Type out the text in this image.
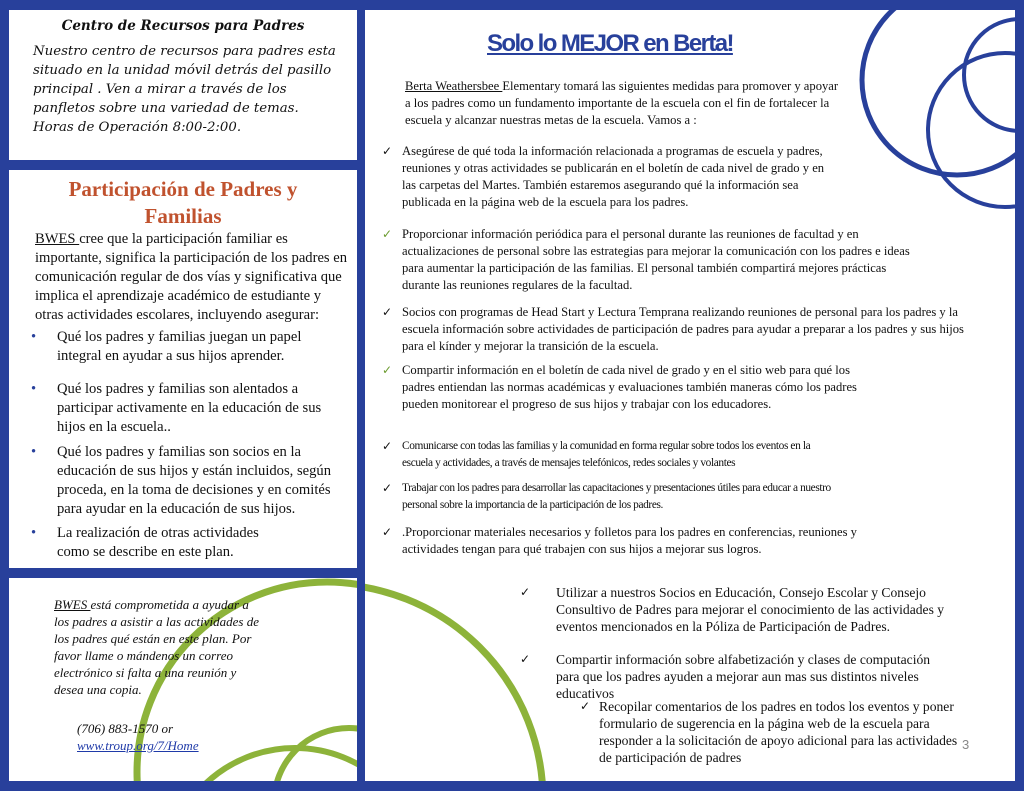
Centro de Recursos para Padres
Nuestro centro de recursos para padres esta situado en la unidad móvil detrás del pasillo principal . Ven a mirar a través de los panfletos sobre una variedad de temas. Horas de Operación 8:00-2:00.
Participación de Padres y Familias
BWES cree que la participación familiar es importante, significa la participación de los padres en comunicación regular de dos vías y significativa que implica el aprendizaje académico de estudiante y otras actividades escolares, incluyendo asegurar:
• Qué los padres y familias juegan un papel integral en ayudar a sus hijos aprender.
• Qué los padres y familias son alentados a participar activamente en la educación de sus hijos en la escuela..
• Qué los padres y familias son socios en la educación de sus hijos y están incluidos, según proceda, en la toma de decisiones y en comités para ayudar en la educación de sus hijos.
• La realización de otras actividades como se describe en este plan.
BWES está comprometida a ayudar a los padres a asistir a las actividades de los padres qué están en este plan. Por favor llame o mándenos un correo electrónico si falta a una reunión y desea una copia.
(706) 883-1570 or
www.troup.org/7/Home
Solo lo MEJOR en Berta!
Berta Weathersbee Elementary tomará las siguientes medidas para promover y apoyar a los padres como un fundamento importante de la escuela con el fin de fortalecer la escuela y alcanzar nuestras metas de la escuela. Vamos a :
✓ Asegúrese de qué toda la información relacionada a programas de escuela y padres, reuniones y otras actividades se publicarán en el boletín de cada nivel de grado y en las carpetas del Martes. También estaremos asegurando qué la información sea publicada en la página web de la escuela para los padres.
✓ Proporcionar información periódica para el personal durante las reuniones de facultad y en actualizaciones de personal sobre las estrategias para mejorar la comunicación con los padres e ideas para aumentar la participación de las familias. El personal también compartirá mejores prácticas durante las reuniones regulares de la facultad.
✓ Socios con programas de Head Start y Lectura Temprana realizando reuniones de personal para los padres y la escuela información sobre actividades de participación de padres para ayudar a preparar a los padres y sus hijos para el kínder y mejorar la transición de la escuela.
✓ Compartir información en el boletín de cada nivel de grado y en el sitio web para qué los padres entiendan las normas académicas y evaluaciones también maneras cómo los padres pueden monitorear el progreso de sus hijos y trabajar con los educadores.
✓ Comunicarse con todas las familias y la comunidad en forma regular sobre todos los eventos en la escuela y actividades, a través de mensajes telefónicos, redes sociales y volantes
✓ Trabajar con los padres para desarrollar las capacitaciones y presentaciones útiles para educar a nuestro personal sobre la importancia de la participación de los padres.
✓ .Proporcionar materiales necesarios y folletos para los padres en conferencias, reuniones y actividades tengan para qué trabajen con sus hijos a mejorar sus logros.
✓ Utilizar a nuestros Socios en Educación, Consejo Escolar y Consejo Consultivo de Padres para mejorar el conocimiento de las actividades y eventos mencionados en la Póliza de Participación de Padres.
✓ Compartir información sobre alfabetización y clases de computación para que los padres ayuden a mejorar aun mas sus distintos niveles educativos
✓ Recopilar comentarios de los padres en todos los eventos y poner formulario de sugerencia en la página web de la escuela para responder a la solicitación de apoyo adicional para las actividades de participación de padres
3
